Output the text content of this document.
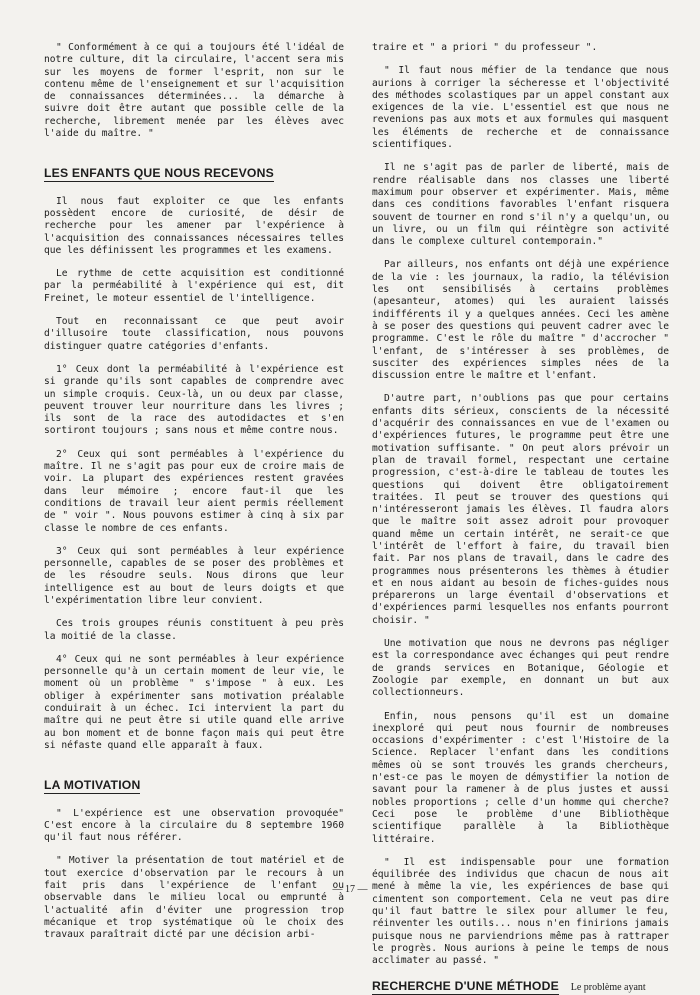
" Conformément à ce qui a toujours été l'idéal de notre culture, dit la circulaire, l'accent sera mis sur les moyens de former l'esprit, non sur le contenu même de l'enseignement et sur l'acquisition de connaissances déterminées... la démarche à suivre doit être autant que possible celle de la recherche, librement menée par les élèves avec l'aide du maître. "

LES ENFANTS QUE NOUS RECEVONS

Il nous faut exploiter ce que les enfants possèdent encore de curiosité, de désir de recherche pour les amener par l'expérience à l'acquisition des connaissances nécessaires telles que les définissent les programmes et les examens.

Le rythme de cette acquisition est conditionné par la perméabilité à l'expérience qui est, dit Freinet, le moteur essentiel de l'intelligence.

Tout en reconnaissant ce que peut avoir d'illusoire toute classification, nous pouvons distinguer quatre catégories d'enfants.

1° Ceux dont la perméabilité à l'expérience est si grande qu'ils sont capables de comprendre avec un simple croquis. Ceux-là, un ou deux par classe, peuvent trouver leur nourriture dans les livres ; ils sont de la race des autodidactes et s'en sortiront toujours ; sans nous et même contre nous.

2° Ceux qui sont perméables à l'expérience du maître. Il ne s'agit pas pour eux de croire mais de voir. La plupart des expériences restent gravées dans leur mémoire ; encore faut-il que les conditions de travail leur aient permis réellement de " voir ". Nous pouvons estimer à cinq à six par classe le nombre de ces enfants.

3° Ceux qui sont perméables à leur expérience personnelle, capables de se poser des problèmes et de les résoudre seuls. Nous dirons que leur intelligence est au bout de leurs doigts et que l'expérimentation libre leur convient.

Ces trois groupes réunis constituent à peu près la moitié de la classe.

4° Ceux qui ne sont perméables à leur expérience personnelle qu'à un certain moment de leur vie, le moment où un problème " s'impose " à eux. Les obliger à expérimenter sans motivation préalable conduirait à un échec. Ici intervient la part du maître qui ne peut être si utile quand elle arrive au bon moment et de bonne façon mais qui peut être si néfaste quand elle apparaît à faux.

LA MOTIVATION

" L'expérience est une observation provoquée" C'est encore à la circulaire du 8 septembre 1960 qu'il faut nous référer.

" Motiver la présentation de tout matériel et de tout exercice d'observation par le recours à un fait pris dans l'expérience de l'enfant ou observable dans le milieu local ou emprunté à l'actualité afin d'éviter une progression trop mécanique et trop systématique où le choix des travaux paraîtrait dicté par une décision arbi-

traire et " a priori " du professeur ".

" Il faut nous méfier de la tendance que nous aurions à corriger la sécheresse et l'objectivité des méthodes scolastiques par un appel constant aux exigences de la vie. L'essentiel est que nous ne revenions pas aux mots et aux formules qui masquent les éléments de recherche et de connaissance scientifiques.

Il ne s'agit pas de parler de liberté, mais de rendre réalisable dans nos classes une liberté maximum pour observer et expérimenter. Mais, même dans ces conditions favorables l'enfant risquera souvent de tourner en rond s'il n'y a quelqu'un, ou un livre, ou un film qui réintègre son activité dans le complexe culturel contemporain."

Par ailleurs, nos enfants ont déjà une expérience de la vie : les journaux, la radio, la télévision les ont sensibilisés à certains problèmes (apesanteur, atomes) qui les auraient laissés indifférents il y a quelques années. Ceci les amène à se poser des questions qui peuvent cadrer avec le programme. C'est le rôle du maître " d'accrocher " l'enfant, de s'intéresser à ses problèmes, de susciter des expériences simples nées de la discussion entre le maître et l'enfant.

D'autre part, n'oublions pas que pour certains enfants dits sérieux, conscients de la nécessité d'acquérir des connaissances en vue de l'examen ou d'expériences futures, le programme peut être une motivation suffisante. " On peut alors prévoir un plan de travail formel, respectant une certaine progression, c'est-à-dire le tableau de toutes les questions qui doivent être obligatoirement traitées. Il peut se trouver des questions qui n'intéresseront jamais les élèves. Il faudra alors que le maître soit assez adroit pour provoquer quand même un certain intérêt, ne serait-ce que l'intérêt de l'effort à faire, du travail bien fait. Par nos plans de travail, dans le cadre des programmes nous présenterons les thèmes à étudier et en nous aidant au besoin de fiches-guides nous préparerons un large éventail d'observations et d'expériences parmi lesquelles nos enfants pourront choisir. "

Une motivation que nous ne devrons pas négliger est la correspondance avec échanges qui peut rendre de grands services en Botanique, Géologie et Zoologie par exemple, en donnant un but aux collectionneurs.

Enfin, nous pensons qu'il est un domaine inexploré qui peut nous fournir de nombreuses occasions d'expérimenter : c'est l'Histoire de la Science. Replacer l'enfant dans les conditions mêmes où se sont trouvés les grands chercheurs, n'est-ce pas le moyen de démystifier la notion de savant pour la ramener à de plus justes et aussi nobles proportions ; celle d'un homme qui cherche? Ceci pose le problème d'une Bibliothèque scientifique parallèle à la Bibliothèque littéraire.

" Il est indispensable pour une formation équilibrée des individus que chacun de nous ait mené à même la vie, les expériences de base qui cimentent son comportement. Cela ne veut pas dire qu'il faut battre le silex pour allumer le feu, réinventer les outils... nous n'en finirions jamais puisque nous ne parviendrions même pas à rattraper le progrès. Nous aurions à peine le temps de nous acclimater au passé. "

RECHERCHE D'UNE MÉTHODE Le problème ayant
— 17 —
